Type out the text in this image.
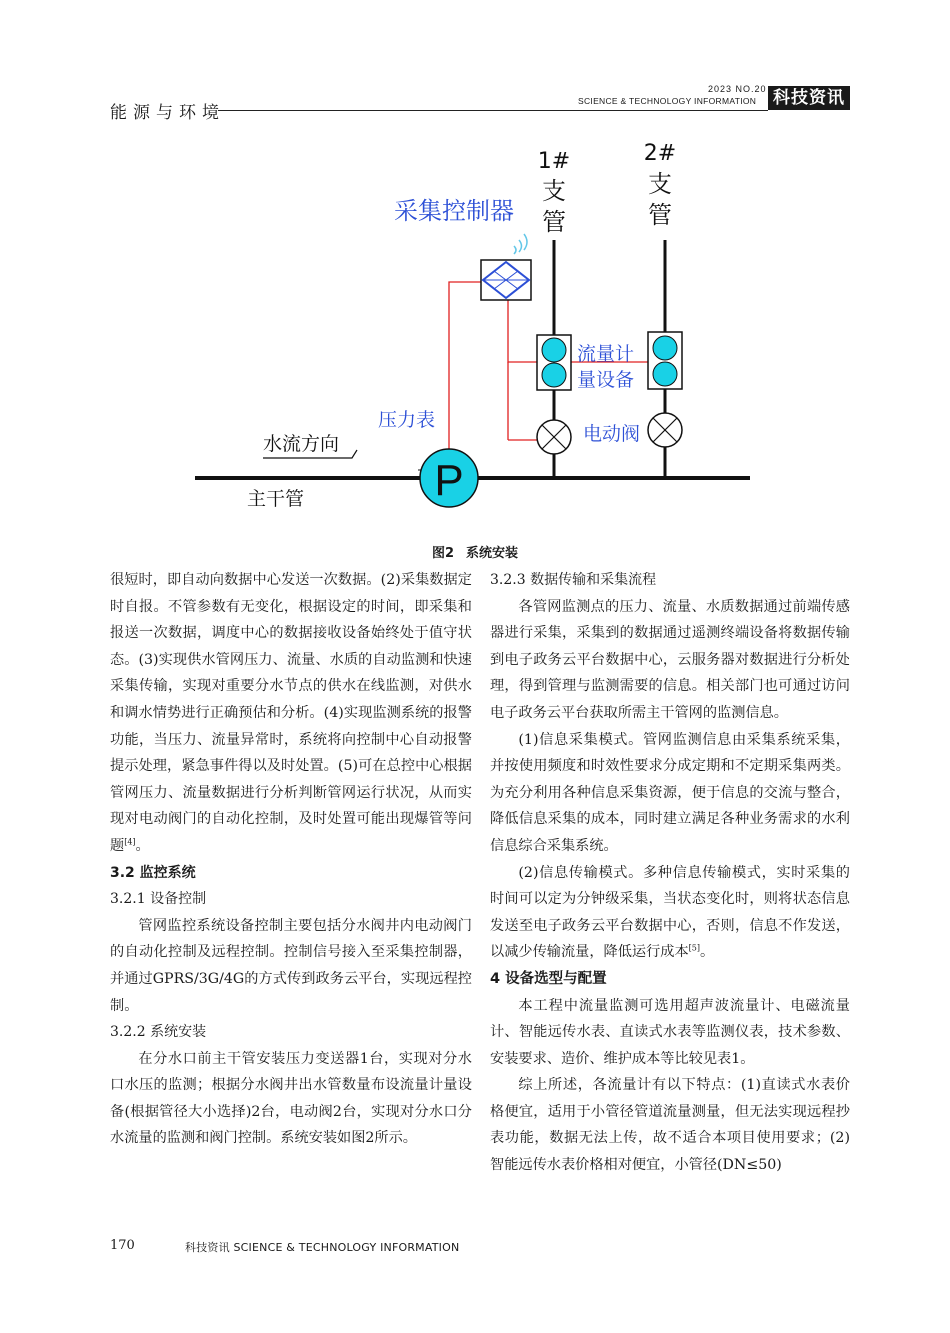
能源与环境
2023 NO.20
SCIENCE & TECHNOLOGY INFORMATION 科技资讯
P
采集控制器
1#
支
管
2#
支
管
流量计
量设备
压力表
电动阀
水流方向
主干管
图2 系统安装

很短时，即自动向数据中心发送一次数据。(2)采集数据定时自报。不管参数有无变化，根据设定的时间，即采集和报送一次数据，调度中心的数据接收设备始终处于值守状态。(3)实现供水管网压力、流量、水质的自动监测和快速采集传输，实现对重要分水节点的供水在线监测，对供水和调水情势进行正确预估和分析。(4)实现监测系统的报警功能，当压力、流量异常时，系统将向控制中心自动报警提示处理，紧急事件得以及时处置。(5)可在总控中心根据管网压力、流量数据进行分析判断管网运行状况，从而实现对电动阀门的自动化控制，及时处置可能出现爆管等问题[4]。

3.2 监控系统

3.2.1 设备控制

管网监控系统设备控制主要包括分水阀井内电动阀门的自动化控制及远程控制。控制信号接入至采集控制器，并通过GPRS/3G/4G的方式传到政务云平台，实现远程控制。

3.2.2 系统安装

在分水口前主干管安装压力变送器1台，实现对分水口水压的监测；根据分水阀井出水管数量布设流量计量设备(根据管径大小选择)2台，电动阀2台，实现对分水口分水流量的监测和阀门控制。系统安装如图2所示。

3.2.3 数据传输和采集流程

各管网监测点的压力、流量、水质数据通过前端传感器进行采集，采集到的数据通过遥测终端设备将数据传输到电子政务云平台数据中心，云服务器对数据进行分析处理，得到管理与监测需要的信息。相关部门也可通过访问电子政务云平台获取所需主干管网的监测信息。

(1)信息采集模式。管网监测信息由采集系统采集，并按使用频度和时效性要求分成定期和不定期采集两类。为充分利用各种信息采集资源，便于信息的交流与整合，降低信息采集的成本，同时建立满足各种业务需求的水利信息综合采集系统。

(2)信息传输模式。多种信息传输模式，实时采集的时间可以定为分钟级采集，当状态变化时，则将状态信息发送至电子政务云平台数据中心，否则，信息不作发送，以减少传输流量，降低运行成本[5]。

4 设备选型与配置

本工程中流量监测可选用超声波流量计、电磁流量计、智能远传水表、直读式水表等监测仪表，技术参数、安装要求、造价、维护成本等比较见表1。

综上所述，各流量计有以下特点：(1)直读式水表价格便宜，适用于小管径管道流量测量，但无法实现远程抄表功能，数据无法上传，故不适合本项目使用要求；(2)智能远传水表价格相对便宜，小管径(DN≤50)

170	科技资讯 SCIENCE & TECHNOLOGY INFORMATION
